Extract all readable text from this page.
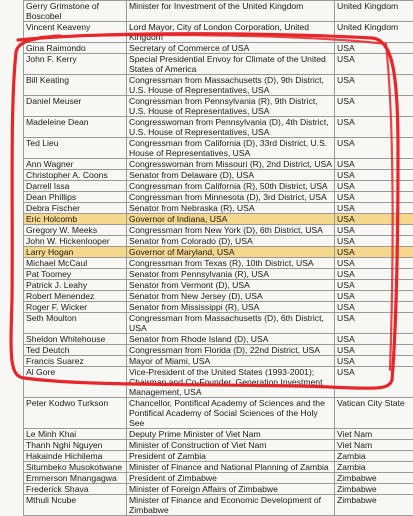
Gerry Grimstone of Boscobel	Minister for Investment of the United Kingdom	United Kingdom
Vincent Keaveny	Lord Mayor, City of London Corporation, United Kingdom	United Kingdom
Gina Raimondo	Secretary of Commerce of USA	USA
John F. Kerry	Special Presidential Envoy for Climate of the United States of America	USA
Bill Keating	Congressman from Massachusetts (D), 9th District, U.S. House of Representatives, USA	USA
Daniel Meuser	Congressman from Pennsylvania (R), 9th District, U.S. House of Representatives, USA	USA
Madeleine Dean	Congresswoman from Pennsylvania (D), 4th District, U.S. House of Representatives, USA	USA
Ted Lieu	Congressman from California (D), 33rd District, U.S. House of Representatives, USA	USA
Ann Wagner	Congresswoman from Missouri (R), 2nd District, USA	USA
Christopher A. Coons	Senator from Delaware (D), USA	USA
Darrell Issa	Congressman from California (R), 50th District, USA	USA
Dean Phillips	Congressman from Minnesota (D), 3rd District, USA	USA
Debra Fischer	Senator from Nebraska (R), USA	USA
Eric Holcomb	Governor of Indiana, USA	USA
Gregory W. Meeks	Congressman from New York (D), 6th District, USA	USA
John W. Hickenlooper	Senator from Colorado (D), USA	USA
Larry Hogan	Governor of Maryland, USA	USA
Michael McCaul	Congressman from Texas (R), 10th District, USA	USA
Pat Toomey	Senator from Pennsylvania (R), USA	USA
Patrick J. Leahy	Senator from Vermont (D), USA	USA
Robert Menendez	Senator from New Jersey (D), USA	USA
Roger F. Wicker	Senator from Mississippi (R), USA	USA
Seth Moulton	Congressman from Massachusetts (D), 6th District, USA	USA
Sheldon Whitehouse	Senator from Rhode Island (D), USA	USA
Ted Deutch	Congressman from Florida (D), 22nd District, USA	USA
Francis Suarez	Mayor of Miami, USA	USA
Al Gore	Vice-President of the United States (1993-2001); Chairman and Co-Founder, Generation Investment Management, USA	USA
Peter Kodwo Turkson	Chancellor, Pontifical Academy of Sciences and the Pontifical Academy of Social Sciences of the Holy See	Vatican City State
Le Minh Khai	Deputy Prime Minister of Viet Nam	Viet Nam
Thanh Nghi Nguyen	Minister of Construction of Viet Nam	Viet Nam
Hakainde Hichilema	President of Zambia	Zambia
Situmbeko Musokotwane	Minister of Finance and National Planning of Zambia	Zambia
Emmerson Mnangagwa	President of Zimbabwe	Zimbabwe
Frederick Shava	Minister of Foreign Affairs of Zimbabwe	Zimbabwe
Mthuli Ncube	Minister of Finance and Economic Development of Zimbabwe	Zimbabwe
